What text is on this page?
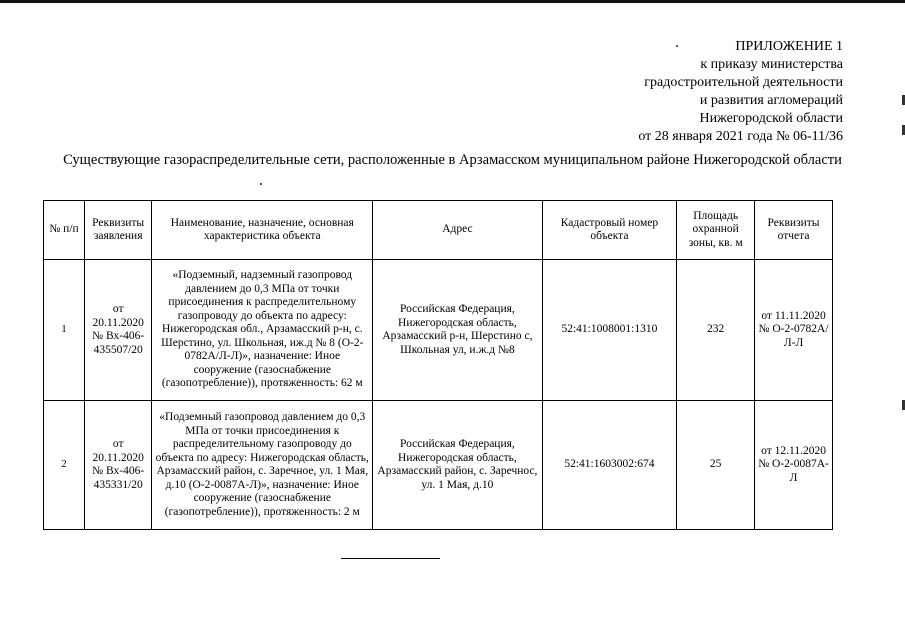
ПРИЛОЖЕНИЕ 1
к приказу министерства
градостроительной деятельности
и развития агломераций
Нижегородской области
от 28 января 2021 года № 06-11/36
Существующие газораспределительные сети, расположенные в Арзамасском муниципальном районе Нижегородской области
№ п/п	Реквизиты заявления	Наименование, назначение, основная характеристика объекта	Адрес	Кадастровый номер объекта	Площадь охранной зоны, кв. м	Реквизиты отчета
1	от 20.11.2020 № Вх-406-435507/20	«Подземный, надземный газопровод давлением до 0,3 МПа от точки присоединения к распределительному газопроводу до объекта по адресу: Нижегородская обл., Арзамасский р-н, с. Шерстино, ул. Школьная, иж.д № 8 (О-2-0782А/Л-Л)», назначение: Иное сооружение (газоснабжение (газопотребление)), протяженность: 62 м	Российская Федерация, Нижегородская область, Арзамасский р-н, Шерстино с, Школьная ул, и.ж.д №8	52:41:1008001:1310	232	от 11.11.2020 № О-2-0782А/Л-Л
2	от 20.11.2020 № Вх-406-435331/20	«Подземный газопровод давлением до 0,3 МПа от точки присоединения к распределительному газопроводу до объекта по адресу: Нижегородская область, Арзамасский район, с. Заречное, ул. 1 Мая, д.10 (О-2-0087А-Л)», назначение: Иное сооружение (газоснабжение (газопотребление)), протяженность: 2 м	Российская Федерация, Нижегородская область, Арзамасский район, с. Заречнос, ул. 1 Мая, д.10	52:41:1603002:674	25	от 12.11.2020 № О-2-0087А-Л
